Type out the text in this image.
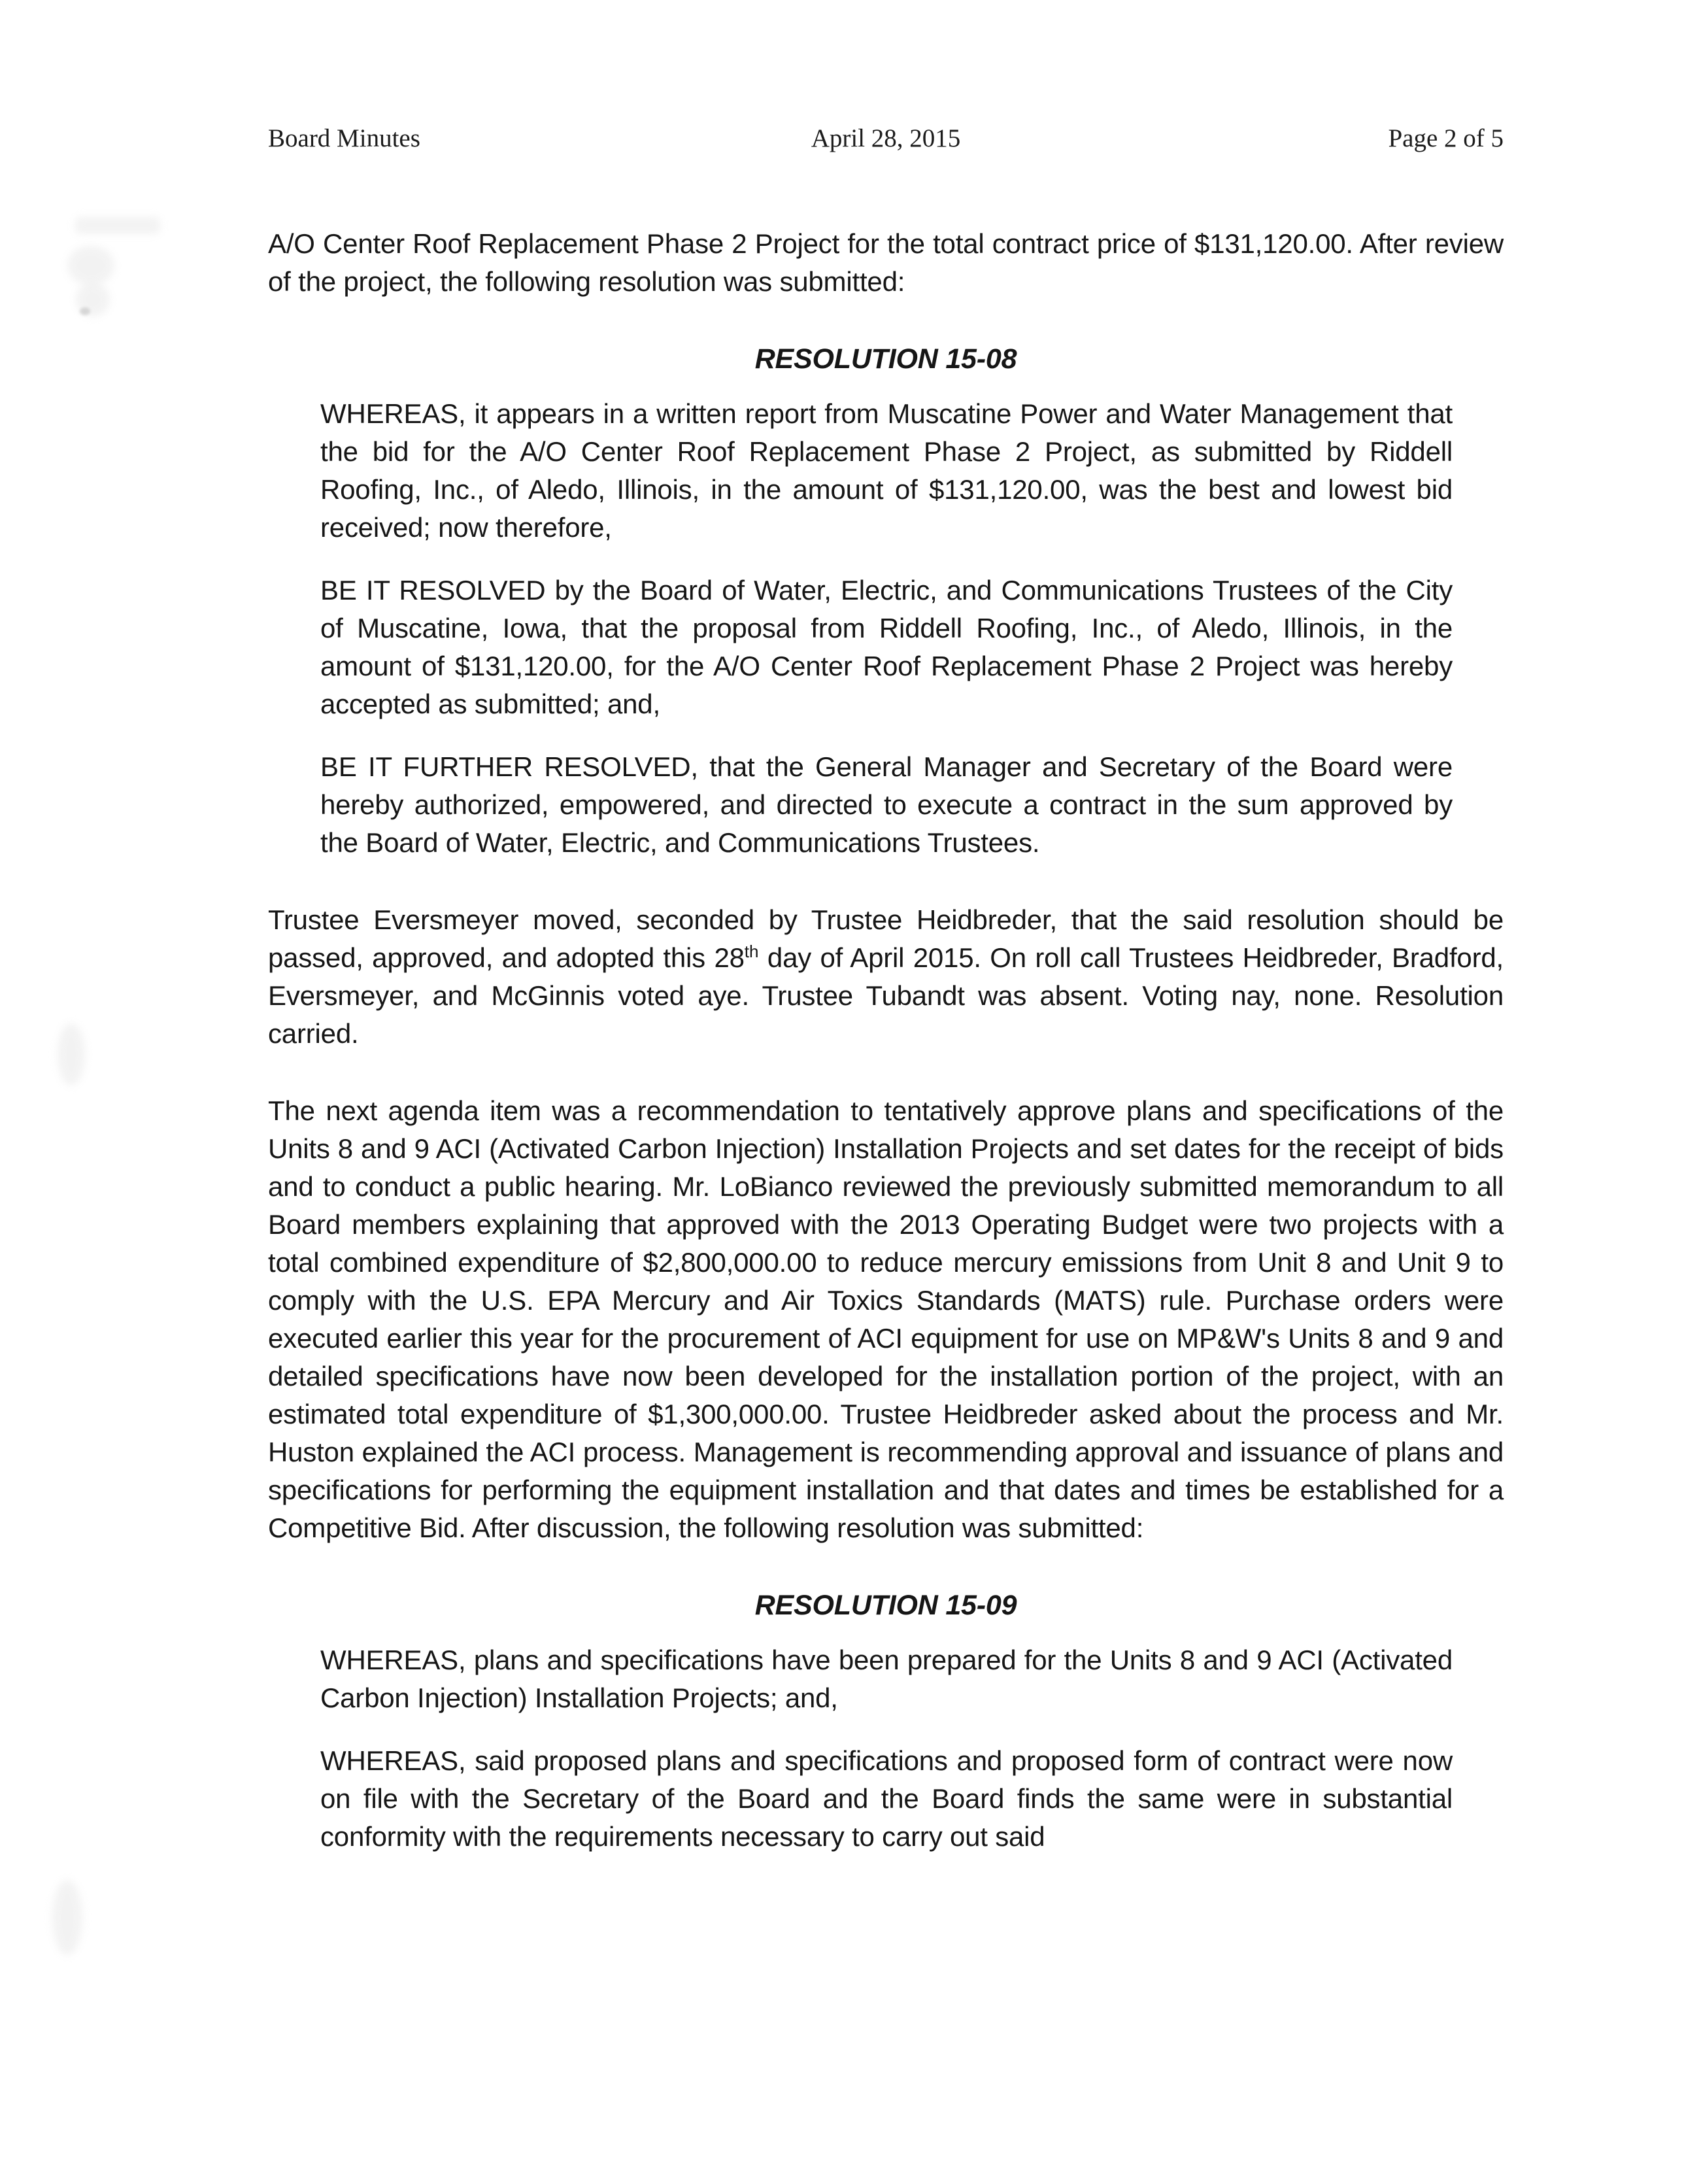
Board Minutes	April 28, 2015	Page 2 of 5

A/O Center Roof Replacement Phase 2 Project for the total contract price of $131,120.00. After review of the project, the following resolution was submitted:

RESOLUTION 15-08

WHEREAS, it appears in a written report from Muscatine Power and Water Management that the bid for the A/O Center Roof Replacement Phase 2 Project, as submitted by Riddell Roofing, Inc., of Aledo, Illinois, in the amount of $131,120.00, was the best and lowest bid received; now therefore,

BE IT RESOLVED by the Board of Water, Electric, and Communications Trustees of the City of Muscatine, Iowa, that the proposal from Riddell Roofing, Inc., of Aledo, Illinois, in the amount of $131,120.00, for the A/O Center Roof Replacement Phase 2 Project was hereby accepted as submitted; and,

BE IT FURTHER RESOLVED, that the General Manager and Secretary of the Board were hereby authorized, empowered, and directed to execute a contract in the sum approved by the Board of Water, Electric, and Communications Trustees.

Trustee Eversmeyer moved, seconded by Trustee Heidbreder, that the said resolution should be passed, approved, and adopted this 28th day of April 2015. On roll call Trustees Heidbreder, Bradford, Eversmeyer, and McGinnis voted aye. Trustee Tubandt was absent. Voting nay, none. Resolution carried.

The next agenda item was a recommendation to tentatively approve plans and specifications of the Units 8 and 9 ACI (Activated Carbon Injection) Installation Projects and set dates for the receipt of bids and to conduct a public hearing. Mr. LoBianco reviewed the previously submitted memorandum to all Board members explaining that approved with the 2013 Operating Budget were two projects with a total combined expenditure of $2,800,000.00 to reduce mercury emissions from Unit 8 and Unit 9 to comply with the U.S. EPA Mercury and Air Toxics Standards (MATS) rule. Purchase orders were executed earlier this year for the procurement of ACI equipment for use on MP&W's Units 8 and 9 and detailed specifications have now been developed for the installation portion of the project, with an estimated total expenditure of $1,300,000.00. Trustee Heidbreder asked about the process and Mr. Huston explained the ACI process. Management is recommending approval and issuance of plans and specifications for performing the equipment installation and that dates and times be established for a Competitive Bid. After discussion, the following resolution was submitted:

RESOLUTION 15-09

WHEREAS, plans and specifications have been prepared for the Units 8 and 9 ACI (Activated Carbon Injection) Installation Projects; and,

WHEREAS, said proposed plans and specifications and proposed form of contract were now on file with the Secretary of the Board and the Board finds the same were in substantial conformity with the requirements necessary to carry out said
